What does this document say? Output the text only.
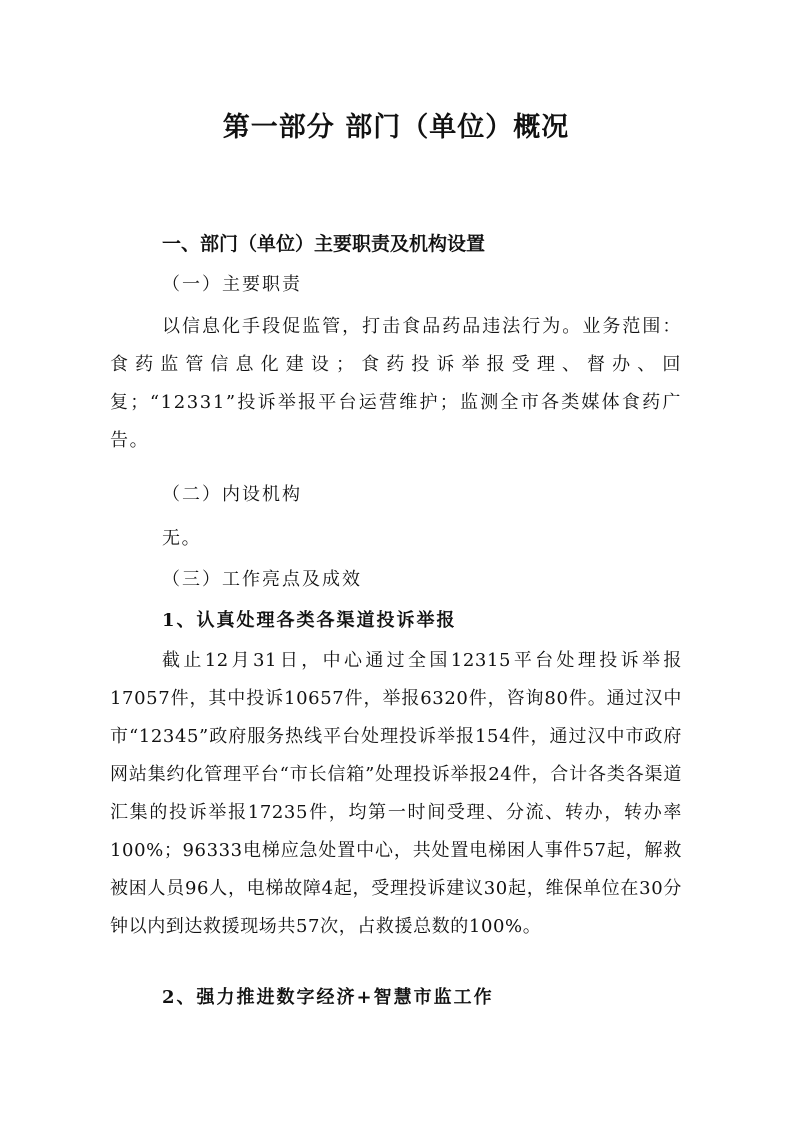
第一部分 部门（单位）概况
一、部门（单位）主要职责及机构设置
（一）主要职责
以信息化手段促监管，打击食品药品违法行为。业务范围：食药监管信息化建设；食药投诉举报受理、督办、回复；“12331”投诉举报平台运营维护；监测全市各类媒体食药广告。
（二）内设机构
无。
（三）工作亮点及成效
1、认真处理各类各渠道投诉举报
截止12月31日，中心通过全国12315平台处理投诉举报17057件，其中投诉10657件，举报6320件，咨询80件。通过汉中市“12345”政府服务热线平台处理投诉举报154件，通过汉中市政府网站集约化管理平台“市长信箱”处理投诉举报24件，合计各类各渠道汇集的投诉举报17235件，均第一时间受理、分流、转办，转办率100%；96333电梯应急处置中心，共处置电梯困人事件57起，解救被困人员96人，电梯故障4起，受理投诉建议30起，维保单位在30分钟以内到达救援现场共57次，占救援总数的100%。
2、强力推进数字经济+智慧市监工作
